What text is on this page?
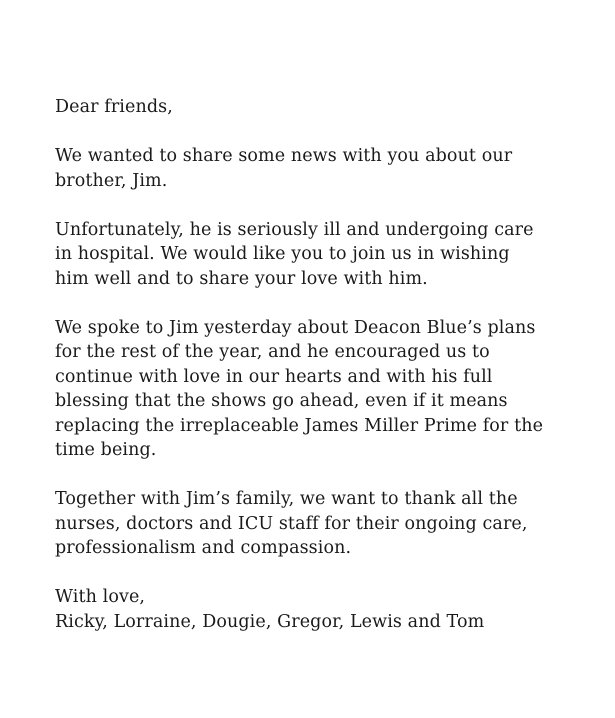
Dear friends,
We wanted to share some news with you about our
brother, Jim.
Unfortunately, he is seriously ill and undergoing care
in hospital. We would like you to join us in wishing
him well and to share your love with him.
We spoke to Jim yesterday about Deacon Blue’s plans
for the rest of the year, and he encouraged us to
continue with love in our hearts and with his full
blessing that the shows go ahead, even if it means
replacing the irreplaceable James Miller Prime for the
time being.
Together with Jim’s family, we want to thank all the
nurses, doctors and ICU staff for their ongoing care,
professionalism and compassion.
With love,
Ricky, Lorraine, Dougie, Gregor, Lewis and Tom
